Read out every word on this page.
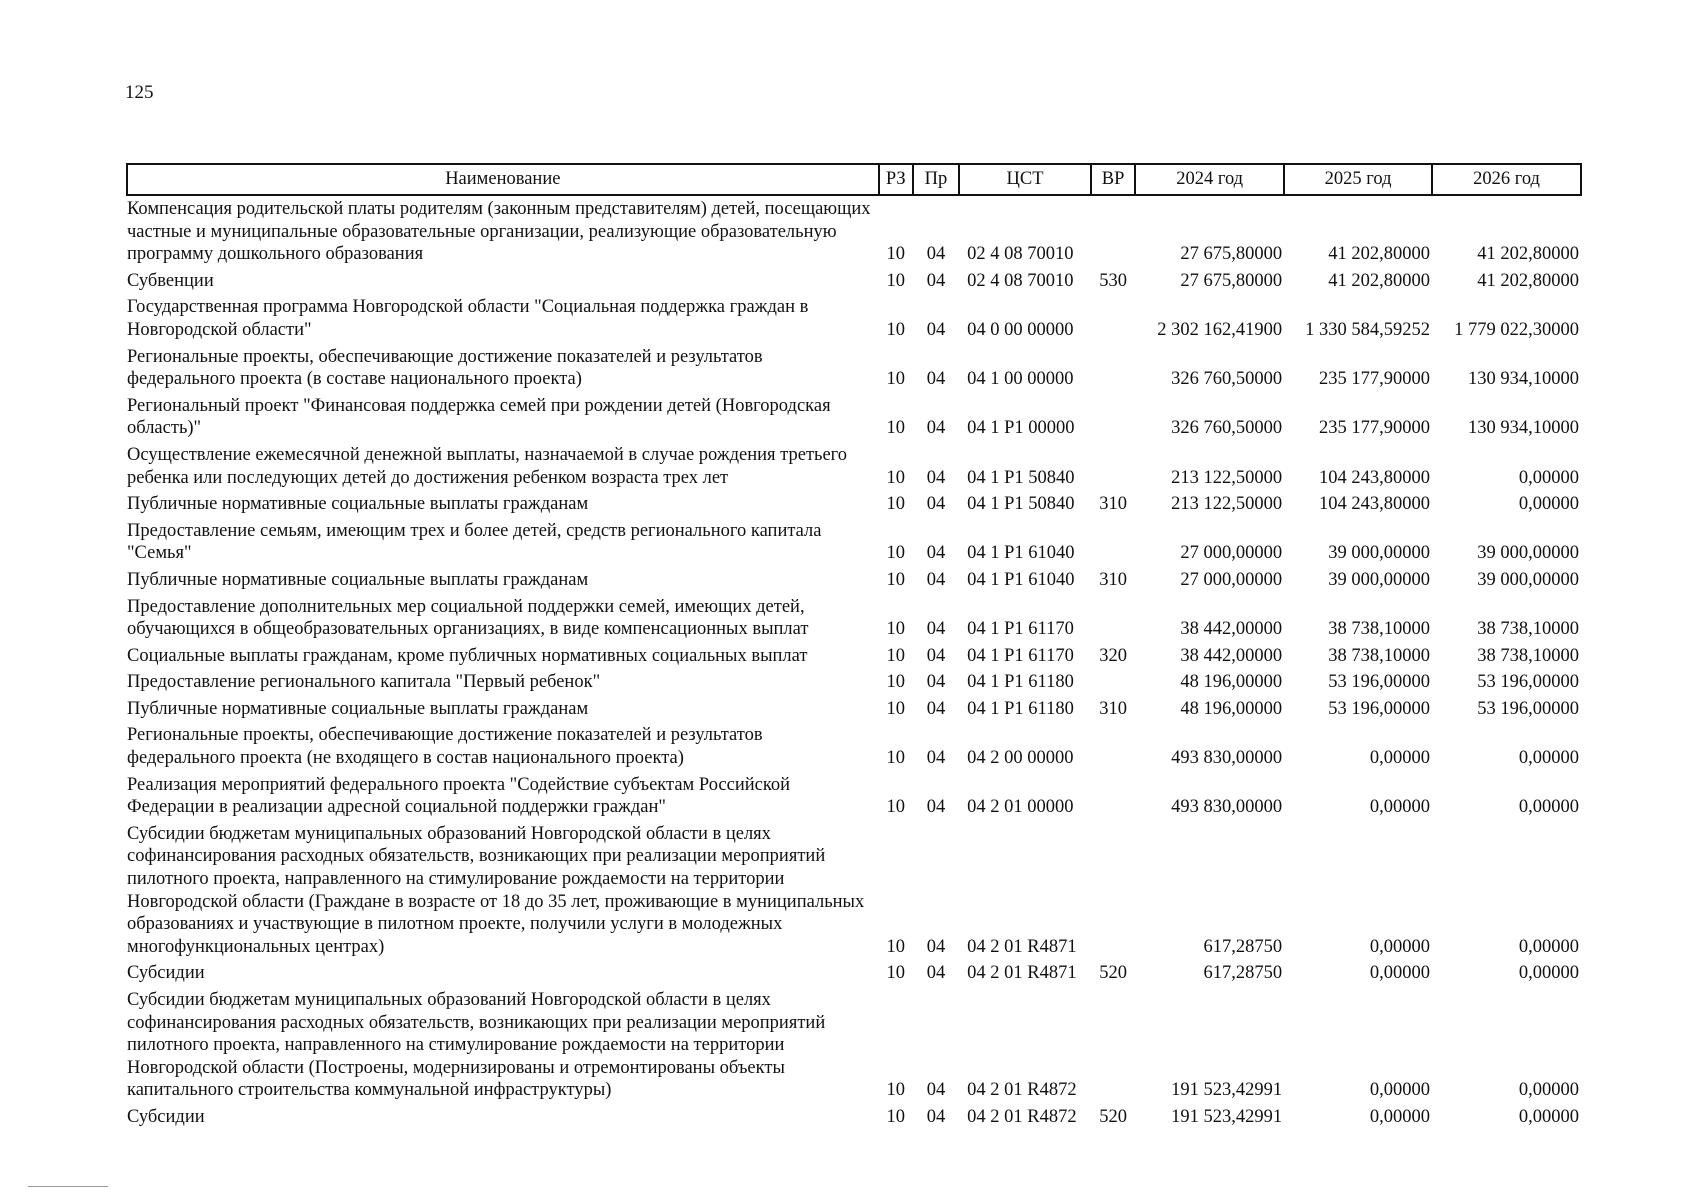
125
Наименование	РЗ	Пр	ЦСТ	ВР	2024 год	2025 год	2026 год
Компенсация родительской платы родителям (законным представителям) детей, посещающих частные и муниципальные образовательные организации, реализующие образовательную программу дошкольного образования	10	04	02 4 08 70010		27 675,80000	41 202,80000	41 202,80000
Субвенции	10	04	02 4 08 70010	530	27 675,80000	41 202,80000	41 202,80000
Государственная программа Новгородской области "Социальная поддержка граждан в Новгородской области"	10	04	04 0 00 00000		2 302 162,41900	1 330 584,59252	1 779 022,30000
Региональные проекты, обеспечивающие достижение показателей и результатов федерального проекта (в составе национального проекта)	10	04	04 1 00 00000		326 760,50000	235 177,90000	130 934,10000
Региональный проект "Финансовая поддержка семей при рождении детей (Новгородская область)"	10	04	04 1 P1 00000		326 760,50000	235 177,90000	130 934,10000
Осуществление ежемесячной денежной выплаты, назначаемой в случае рождения третьего ребенка или последующих детей до достижения ребенком возраста трех лет	10	04	04 1 P1 50840		213 122,50000	104 243,80000	0,00000
Публичные нормативные социальные выплаты гражданам	10	04	04 1 P1 50840	310	213 122,50000	104 243,80000	0,00000
Предоставление семьям, имеющим трех и более детей, средств регионального капитала "Семья"	10	04	04 1 P1 61040		27 000,00000	39 000,00000	39 000,00000
Публичные нормативные социальные выплаты гражданам	10	04	04 1 P1 61040	310	27 000,00000	39 000,00000	39 000,00000
Предоставление дополнительных мер социальной поддержки семей, имеющих детей, обучающихся в общеобразовательных организациях, в виде компенсационных выплат	10	04	04 1 P1 61170		38 442,00000	38 738,10000	38 738,10000
Социальные выплаты гражданам, кроме публичных нормативных социальных выплат	10	04	04 1 P1 61170	320	38 442,00000	38 738,10000	38 738,10000
Предоставление регионального капитала "Первый ребенок"	10	04	04 1 P1 61180		48 196,00000	53 196,00000	53 196,00000
Публичные нормативные социальные выплаты гражданам	10	04	04 1 P1 61180	310	48 196,00000	53 196,00000	53 196,00000
Региональные проекты, обеспечивающие достижение показателей и результатов федерального проекта (не входящего в состав национального проекта)	10	04	04 2 00 00000		493 830,00000	0,00000	0,00000
Реализация мероприятий федерального проекта "Содействие субъектам Российской Федерации в реализации адресной социальной поддержки граждан"	10	04	04 2 01 00000		493 830,00000	0,00000	0,00000
Субсидии бюджетам муниципальных образований Новгородской области в целях софинансирования расходных обязательств, возникающих при реализации мероприятий пилотного проекта, направленного на стимулирование рождаемости на территории Новгородской области (Граждане в возрасте от 18 до 35 лет, проживающие в муниципальных образованиях и участвующие в пилотном проекте, получили услуги в молодежных многофункциональных центрах)	10	04	04 2 01 R4871		617,28750	0,00000	0,00000
Субсидии	10	04	04 2 01 R4871	520	617,28750	0,00000	0,00000
Субсидии бюджетам муниципальных образований Новгородской области в целях софинансирования расходных обязательств, возникающих при реализации мероприятий пилотного проекта, направленного на стимулирование рождаемости на территории Новгородской области (Построены, модернизированы и отремонтированы объекты капитального строительства коммунальной инфраструктуры)	10	04	04 2 01 R4872		191 523,42991	0,00000	0,00000
Субсидии	10	04	04 2 01 R4872	520	191 523,42991	0,00000	0,00000
